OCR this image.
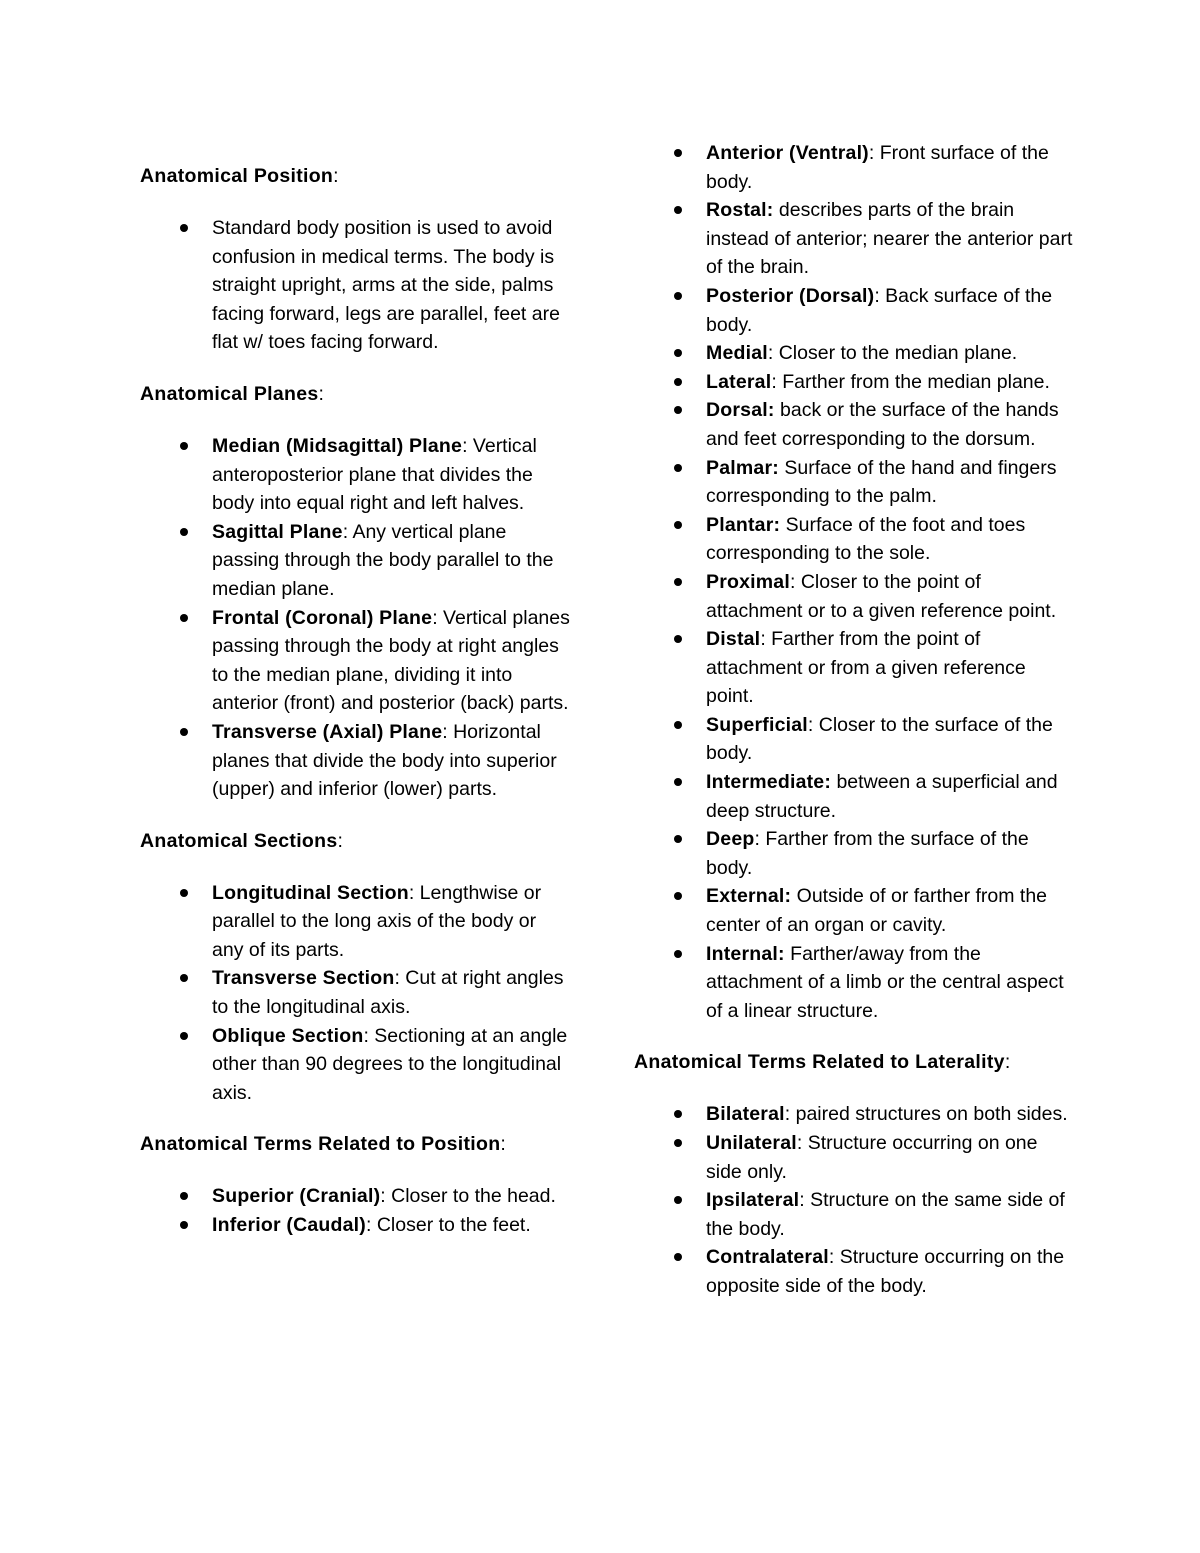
Anatomical Position:

Standard body position is used to avoid confusion in medical terms. The body is straight upright, arms at the side, palms facing forward, legs are parallel, feet are flat w/ toes facing forward.

Anatomical Planes:

Median (Midsagittal) Plane: Vertical anteroposterior plane that divides the body into equal right and left halves.
Sagittal Plane: Any vertical plane passing through the body parallel to the median plane.
Frontal (Coronal) Plane: Vertical planes passing through the body at right angles to the median plane, dividing it into anterior (front) and posterior (back) parts.
Transverse (Axial) Plane: Horizontal planes that divide the body into superior (upper) and inferior (lower) parts.

Anatomical Sections:

Longitudinal Section: Lengthwise or parallel to the long axis of the body or any of its parts.
Transverse Section: Cut at right angles to the longitudinal axis.
Oblique Section: Sectioning at an angle other than 90 degrees to the longitudinal axis.

Anatomical Terms Related to Position:

Superior (Cranial): Closer to the head.
Inferior (Caudal): Closer to the feet.
Anterior (Ventral): Front surface of the body.
Rostal: describes parts of the brain instead of anterior; nearer the anterior part of the brain.
Posterior (Dorsal): Back surface of the body.
Medial: Closer to the median plane.
Lateral: Farther from the median plane.
Dorsal: back or the surface of the hands and feet corresponding to the dorsum.
Palmar: Surface of the hand and fingers corresponding to the palm.
Plantar: Surface of the foot and toes corresponding to the sole.
Proximal: Closer to the point of attachment or to a given reference point.
Distal: Farther from the point of attachment or from a given reference point.
Superficial: Closer to the surface of the body.
Intermediate: between a superficial and deep structure.
Deep: Farther from the surface of the body.
External: Outside of or farther from the center of an organ or cavity.
Internal: Farther/away from the attachment of a limb or the central aspect of a linear structure.

Anatomical Terms Related to Laterality:

Bilateral: paired structures on both sides.
Unilateral: Structure occurring on one side only.
Ipsilateral: Structure on the same side of the body.
Contralateral: Structure occurring on the opposite side of the body.
